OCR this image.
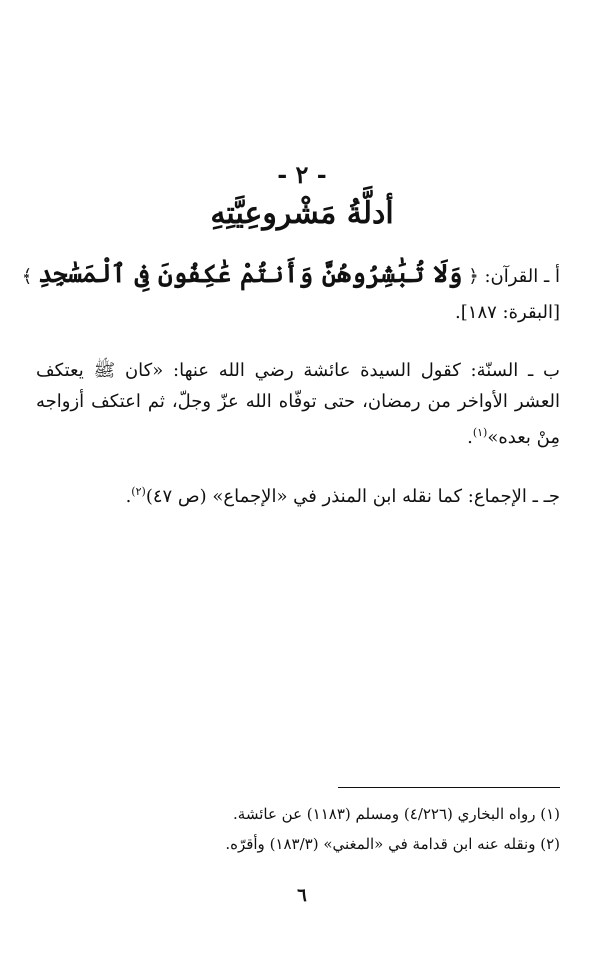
- ٢ -
أدلَّةُ مَشْروعِيَّتِهِ
أ ـ القرآن: ﴿ وَلَا تُبَٰشِرُوهُنَّ وَأَنتُمْ عَٰكِفُونَ فِى ٱلْمَسَٰجِدِ ﴾
[البقرة: ١٨٧].
ب ـ السنّة: كقول السيدة عائشة رضي الله عنها: «كان ﷺ يعتكف العشر الأواخر من رمضان، حتى توفّاه الله عزّ وجلّ، ثم اعتكف أزواجه مِنْ بعده»$^{(١)}$.
جـ ـ الإجماع: كما نقله ابن المنذر في «الإجماع» (ص ٤٧)$^{(٢)}$.
(١) رواه البخاري (٤/٢٢٦) ومسلم (١١٨٣) عن عائشة.
(٢) ونقله عنه ابن قدامة في «المغني» (١٨٣/٣) وأقرّه.
٦
